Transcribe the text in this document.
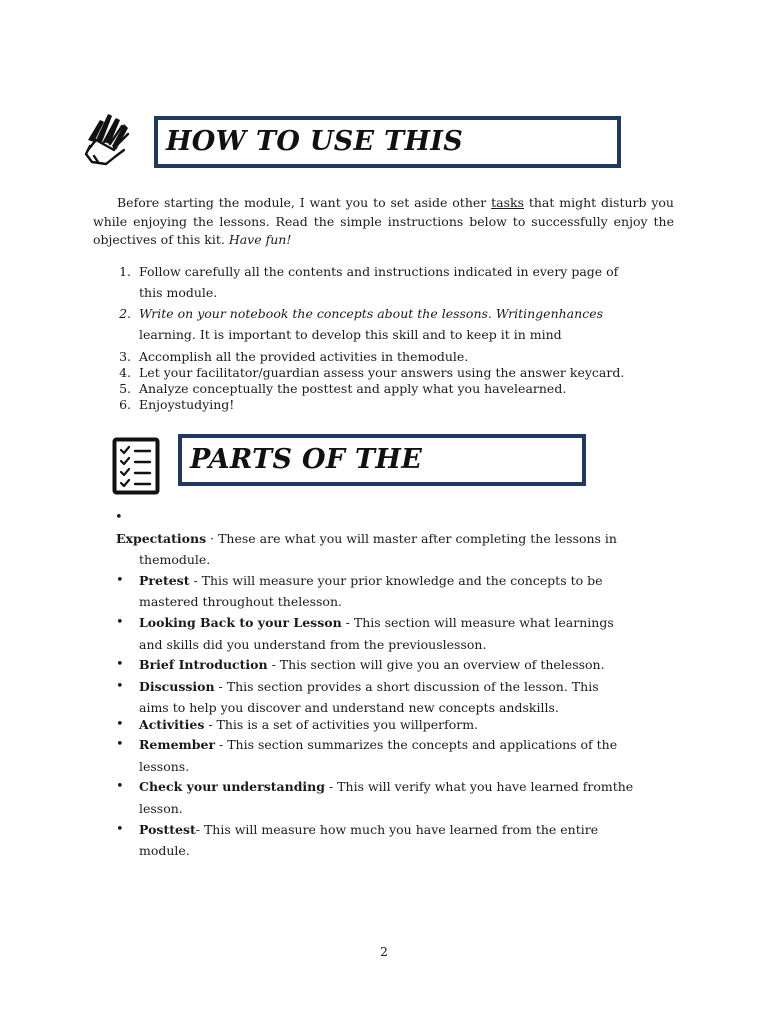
HOW TO USE THIS
Before starting the module, I want you to set aside other tasks that might disturb you while enjoying the lessons. Read the simple instructions below to successfully enjoy the objectives of this kit. Have fun!
1. Follow carefully all the contents and instructions indicated in every page of
this module.
2. Write on your notebook the concepts about the lessons. Writingenhances
learning. It is important to develop this skill and to keep it in mind
3. Accomplish all the provided activities in themodule.
4. Let your facilitator/guardian assess your answers using the answer keycard.
5. Analyze conceptually the posttest and apply what you havelearned.
6. Enjoystudying!
PARTS OF THE
•
Expectations · These are what you will master after completing the lessons in
themodule.
• Pretest - This will measure your prior knowledge and the concepts to be
mastered throughout thelesson.
• Looking Back to your Lesson - This section will measure what learnings
and skills did you understand from the previouslesson.
• Brief Introduction - This section will give you an overview of thelesson.
• Discussion - This section provides a short discussion of the lesson. This
aims to help you discover and understand new concepts andskills.
• Activities - This is a set of activities you willperform.
• Remember - This section summarizes the concepts and applications of the
lessons.
• Check your understanding - This will verify what you have learned fromthe
lesson.
• Posttest- This will measure how much you have learned from the entire
module.
2
